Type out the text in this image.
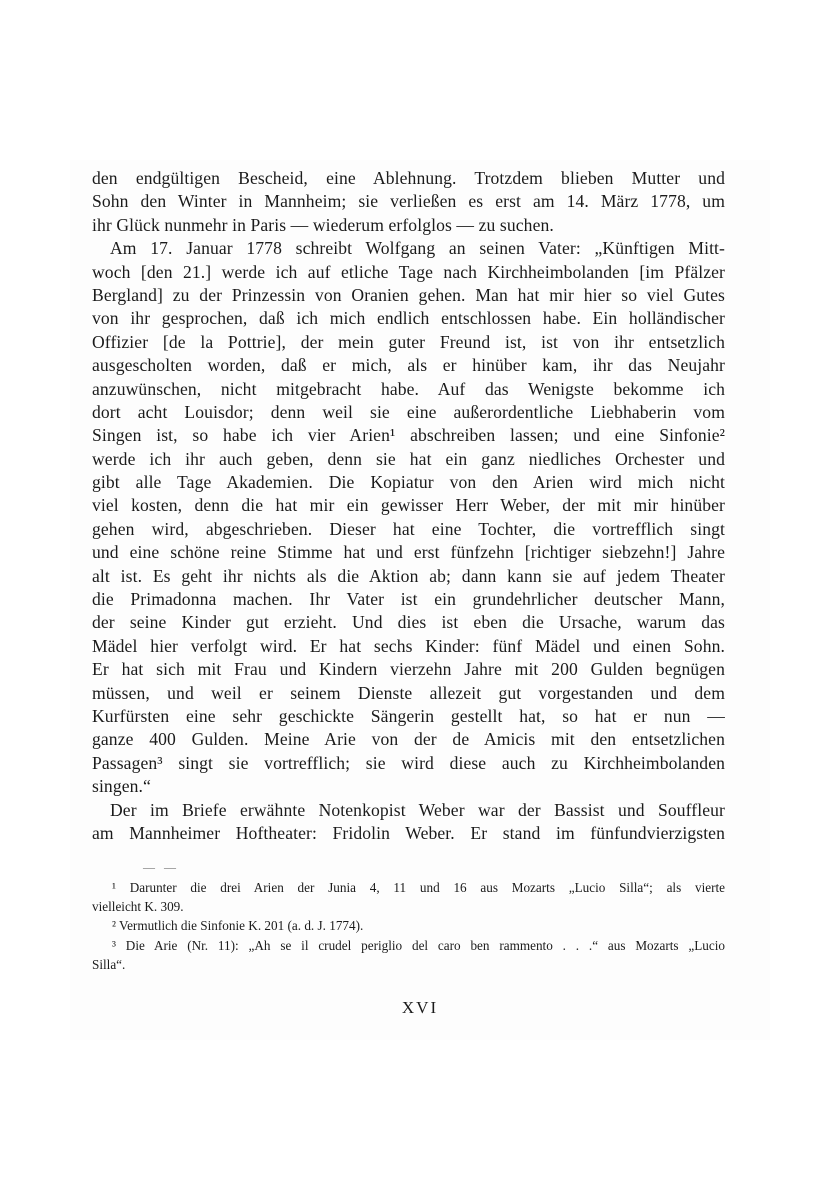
den endgültigen Bescheid, eine Ablehnung. Trotzdem blieben Mutter und
Sohn den Winter in Mannheim; sie verließen es erst am 14. März 1778, um
ihr Glück nunmehr in Paris — wiederum erfolglos — zu suchen.
Am 17. Januar 1778 schreibt Wolfgang an seinen Vater: „Künftigen Mitt-
woch [den 21.] werde ich auf etliche Tage nach Kirchheimbolanden [im Pfälzer
Bergland] zu der Prinzessin von Oranien gehen. Man hat mir hier so viel Gutes
von ihr gesprochen, daß ich mich endlich entschlossen habe. Ein holländischer
Offizier [de la Pottrie], der mein guter Freund ist, ist von ihr entsetzlich
ausgescholten worden, daß er mich, als er hinüber kam, ihr das Neujahr
anzuwünschen, nicht mitgebracht habe. Auf das Wenigste bekomme ich
dort acht Louisdor; denn weil sie eine außerordentliche Liebhaberin vom
Singen ist, so habe ich vier Arien¹ abschreiben lassen; und eine Sinfonie²
werde ich ihr auch geben, denn sie hat ein ganz niedliches Orchester und
gibt alle Tage Akademien. Die Kopiatur von den Arien wird mich nicht
viel kosten, denn die hat mir ein gewisser Herr Weber, der mit mir hinüber
gehen wird, abgeschrieben. Dieser hat eine Tochter, die vortrefflich singt
und eine schöne reine Stimme hat und erst fünfzehn [richtiger siebzehn!] Jahre
alt ist. Es geht ihr nichts als die Aktion ab; dann kann sie auf jedem Theater
die Primadonna machen. Ihr Vater ist ein grundehrlicher deutscher Mann,
der seine Kinder gut erzieht. Und dies ist eben die Ursache, warum das
Mädel hier verfolgt wird. Er hat sechs Kinder: fünf Mädel und einen Sohn.
Er hat sich mit Frau und Kindern vierzehn Jahre mit 200 Gulden begnügen
müssen, und weil er seinem Dienste allezeit gut vorgestanden und dem
Kurfürsten eine sehr geschickte Sängerin gestellt hat, so hat er nun —
ganze 400 Gulden. Meine Arie von der de Amicis mit den entsetzlichen
Passagen³ singt sie vortrefflich; sie wird diese auch zu Kirchheimbolanden
singen.“
Der im Briefe erwähnte Notenkopist Weber war der Bassist und Souffleur
am Mannheimer Hoftheater: Fridolin Weber. Er stand im fünfundvierzigsten
— —
¹ Darunter die drei Arien der Junia 4, 11 und 16 aus Mozarts „Lucio Silla“; als vierte
vielleicht K. 309.
² Vermutlich die Sinfonie K. 201 (a. d. J. 1774).
³ Die Arie (Nr. 11): „Ah se il crudel periglio del caro ben rammento . . .“ aus Mozarts „Lucio
Silla“.
XVI
